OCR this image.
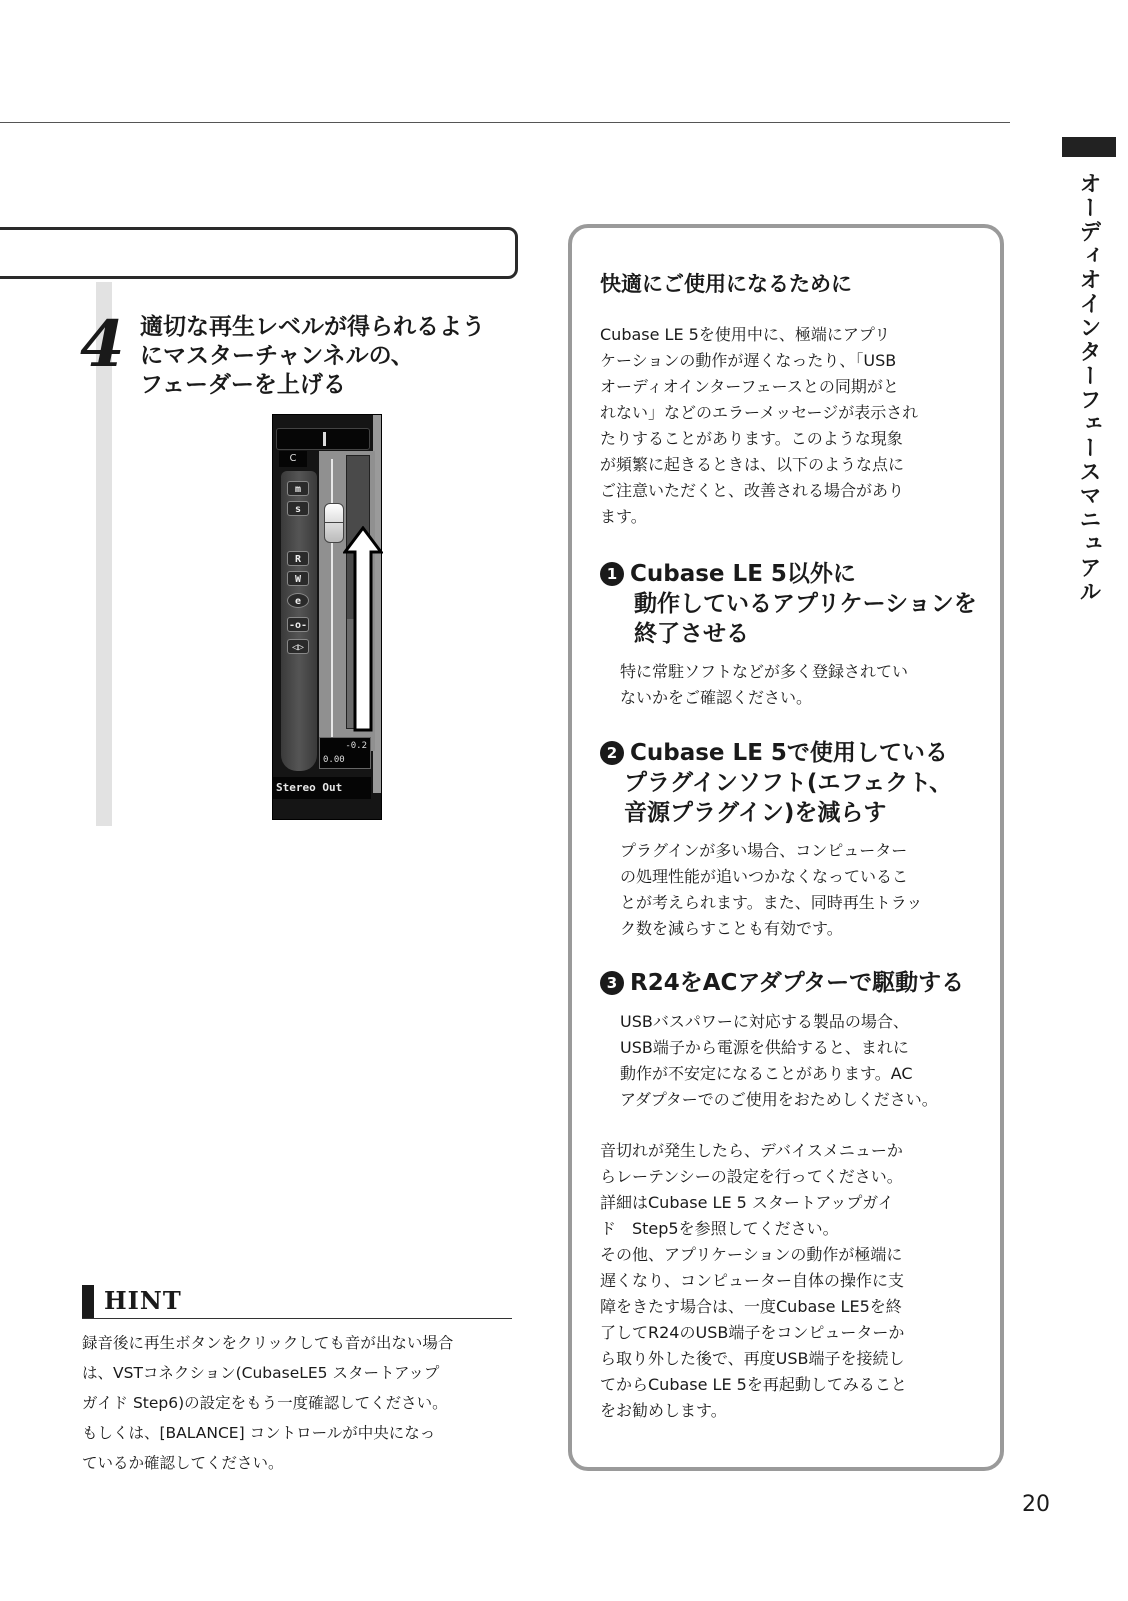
オーディオインターフェースマニュアル
4 適切な再生レベルが得られるよう
にマスターチャンネルの、
フェーダーを上げる
C
m
s
R
W
e
-o-
◁▷
-0.2
0.00
Stereo Out
HINT
録音後に再生ボタンをクリックしても音が出ない場合
は、VSTコネクション(CubaseLE5 スタートアップ
ガイド Step6)の設定をもう一度確認してください。
もしくは、[BALANCE] コントロールが中央になっ
ているか確認してください。
快適にご使用になるために
Cubase LE 5を使用中に、極端にアプリ
ケーションの動作が遅くなったり、「USB
オーディオインターフェースとの同期がと
れない」などのエラーメッセージが表示され
たりすることがあります。このような現象
が頻繁に起きるときは、以下のような点に
ご注意いただくと、改善される場合があり
ます。
1 Cubase LE 5以外に
動作しているアプリケーションを
終了させる
特に常駐ソフトなどが多く登録されてい
ないかをご確認ください。
2 Cubase LE 5で使用している
プラグインソフト(エフェクト、
音源プラグイン)を減らす
プラグインが多い場合、コンピューター
の処理性能が追いつかなくなっているこ
とが考えられます。また、同時再生トラッ
ク数を減らすことも有効です。
3 R24をACアダプターで駆動する
USBバスパワーに対応する製品の場合、
USB端子から電源を供給すると、まれに
動作が不安定になることがあります。AC
アダプターでのご使用をおためしください。
音切れが発生したら、デバイスメニューか
らレーテンシーの設定を行ってください。
詳細はCubase LE 5 スタートアップガイ
ド　Step5を参照してください。
その他、アプリケーションの動作が極端に
遅くなり、コンピューター自体の操作に支
障をきたす場合は、一度Cubase LE5を終
了してR24のUSB端子をコンピューターか
ら取り外した後で、再度USB端子を接続し
てからCubase LE 5を再起動してみること
をお勧めします。
20
